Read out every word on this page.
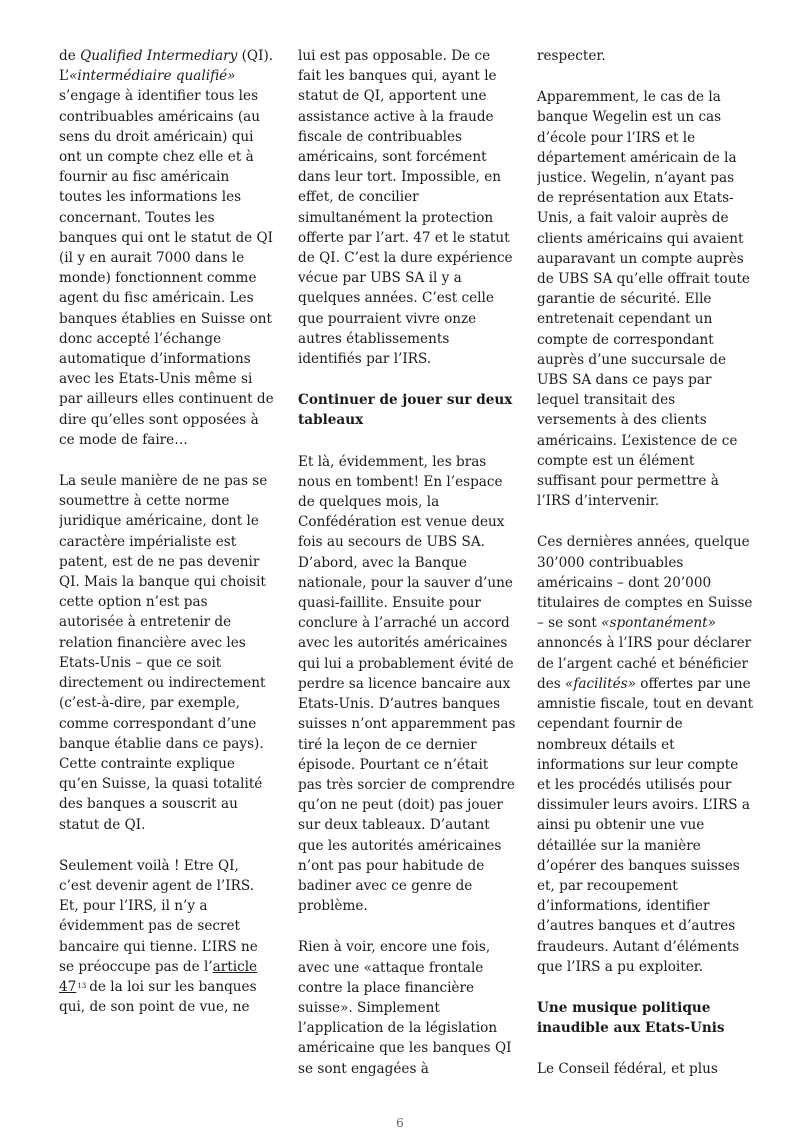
de Qualified Intermediary (QI). L’«intermédiaire qualifié» s’engage à identifier tous les contribuables américains (au sens du droit américain) qui ont un compte chez elle et à fournir au fisc américain toutes les informations les concernant. Toutes les banques qui ont le statut de QI (il y en aurait 7000 dans le monde) fonctionnent comme agent du fisc américain. Les banques établies en Suisse ont donc accepté l’échange automatique d’informations avec les Etats-Unis même si par ailleurs elles continuent de dire qu’elles sont opposées à ce mode de faire…

La seule manière de ne pas se soumettre à cette norme juridique américaine, dont le caractère impérialiste est patent, est de ne pas devenir QI. Mais la banque qui choisit cette option n’est pas autorisée à entretenir de relation financière avec les Etats-Unis – que ce soit directement ou indirectement (c’est-à-dire, par exemple, comme correspondant d’une banque établie dans ce pays). Cette contrainte explique qu’en Suisse, la quasi totalité des banques a souscrit au statut de QI.

Seulement voilà ! Etre QI, c’est devenir agent de l’IRS. Et, pour l’IRS, il n’y a évidemment pas de secret bancaire qui tienne. L’IRS ne se préoccupe pas de l’article $47^{13}$ de la loi sur les banques qui, de son point de vue, ne

lui est pas opposable. De ce fait les banques qui, ayant le statut de QI, apportent une assistance active à la fraude fiscale de contribuables américains, sont forcément dans leur tort. Impossible, en effet, de concilier simultanément la protection offerte par l’art. 47 et le statut de QI. C’est la dure expérience vécue par UBS SA il y a quelques années. C’est celle que pourraient vivre onze autres établissements identifiés par l’IRS.

Continuer de jouer sur deux tableaux

Et là, évidemment, les bras nous en tombent! En l’espace de quelques mois, la Confédération est venue deux fois au secours de UBS SA. D’abord, avec la Banque nationale, pour la sauver d’une quasi-faillite. Ensuite pour conclure à l’arraché un accord avec les autorités américaines qui lui a probablement évité de perdre sa licence bancaire aux Etats-Unis. D’autres banques suisses n’ont apparemment pas tiré la leçon de ce dernier épisode. Pourtant ce n’était pas très sorcier de comprendre qu’on ne peut (doit) pas jouer sur deux tableaux. D’autant que les autorités américaines n’ont pas pour habitude de badiner avec ce genre de problème.

Rien à voir, encore une fois, avec une «attaque frontale contre la place financière suisse». Simplement l’application de la législation américaine que les banques QI se sont engagées à

respecter.

Apparemment, le cas de la banque Wegelin est un cas d’école pour l’IRS et le département américain de la justice. Wegelin, n’ayant pas de représentation aux Etats-Unis, a fait valoir auprès de clients américains qui avaient auparavant un compte auprès de UBS SA qu’elle offrait toute garantie de sécurité. Elle entretenait cependant un compte de correspondant auprès d’une succursale de UBS SA dans ce pays par lequel transitait des versements à des clients américains. L’existence de ce compte est un élément suffisant pour permettre à l’IRS d’intervenir.

Ces dernières années, quelque 30’000 contribuables américains – dont 20’000 titulaires de comptes en Suisse – se sont «spontanément» annoncés à l’IRS pour déclarer de l’argent caché et bénéficier des «facilités» offertes par une amnistie fiscale, tout en devant cependant fournir de nombreux détails et informations sur leur compte et les procédés utilisés pour dissimuler leurs avoirs. L’IRS a ainsi pu obtenir une vue détaillée sur la manière d’opérer des banques suisses et, par recoupement d’informations, identifier d’autres banques et d’autres fraudeurs. Autant d’éléments que l’IRS a pu exploiter.

Une musique politique inaudible aux Etats-Unis

Le Conseil fédéral, et plus

6
